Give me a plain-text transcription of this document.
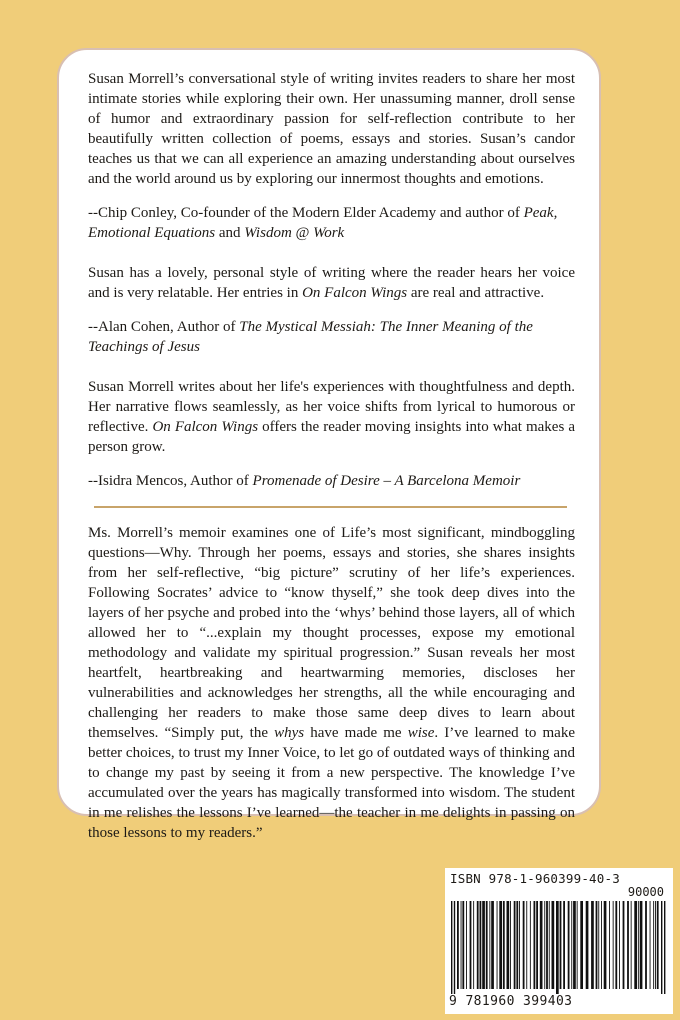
Susan Morrell’s conversational style of writing invites readers to share her most intimate stories while exploring their own. Her unassuming manner, droll sense of humor and extraordinary passion for self-reflection contribute to her beautifully written collection of poems, essays and stories. Susan’s candor teaches us that we can all experience an amazing understanding about ourselves and the world around us by exploring our innermost thoughts and emotions.

--Chip Conley, Co-founder of the Modern Elder Academy and author of Peak, Emotional Equations and Wisdom @ Work

Susan has a lovely, personal style of writing where the reader hears her voice and is very relatable. Her entries in On Falcon Wings are real and attractive.

--Alan Cohen, Author of The Mystical Messiah: The Inner Meaning of the Teachings of Jesus

Susan Morrell writes about her life's experiences with thoughtfulness and depth. Her narrative flows seamlessly, as her voice shifts from lyrical to humorous or reflective. On Falcon Wings offers the reader moving insights into what makes a person grow.

--Isidra Mencos, Author of Promenade of Desire – A Barcelona Memoir

Ms. Morrell’s memoir examines one of Life’s most significant, mindboggling questions—Why. Through her poems, essays and stories, she shares insights from her self-reflective, “big picture” scrutiny of her life’s experiences. Following Socrates’ advice to “know thyself,” she took deep dives into the layers of her psyche and probed into the ‘whys’ behind those layers, all of which allowed her to “...explain my thought processes, expose my emotional methodology and validate my spiritual progression.” Susan reveals her most heartfelt, heartbreaking and heartwarming memories, discloses her vulnerabilities and acknowledges her strengths, all the while encouraging and challenging her readers to make those same deep dives to learn about themselves. “Simply put, the whys have made me wise. I’ve learned to make better choices, to trust my Inner Voice, to let go of outdated ways of thinking and to change my past by seeing it from a new perspective. The knowledge I’ve accumulated over the years has magically transformed into wisdom. The student in me relishes the lessons I’ve learned—the teacher in me delights in passing on those lessons to my readers.”

ISBN 978-1-960399-40-3
90000
9 781960 399403
